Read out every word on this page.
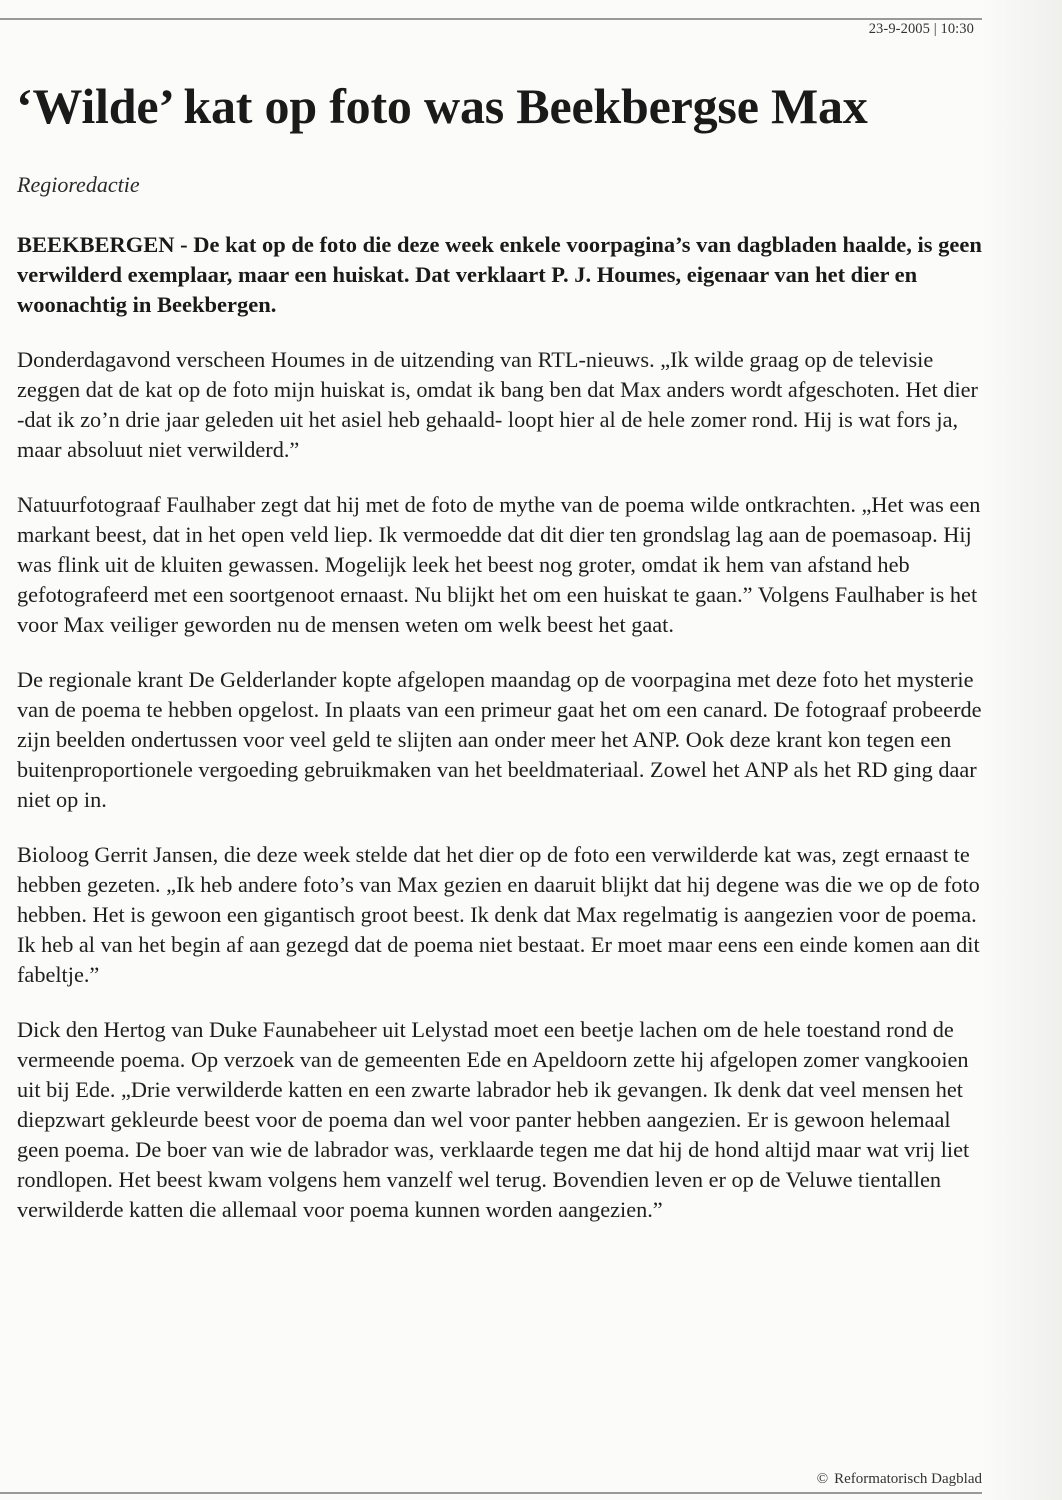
23-9-2005 | 10:30
‘Wilde’ kat op foto was Beekbergse Max
Regioredactie

BEEKBERGEN - De kat op de foto die deze week enkele voorpagina’s van dagbladen haalde, is geen verwilderd exemplaar, maar een huiskat. Dat verklaart P. J. Houmes, eigenaar van het dier en woonachtig in Beekbergen.

Donderdagavond verscheen Houmes in de uitzending van RTL-nieuws. „Ik wilde graag op de televisie zeggen dat de kat op de foto mijn huiskat is, omdat ik bang ben dat Max anders wordt afgeschoten. Het dier -dat ik zo’n drie jaar geleden uit het asiel heb gehaald- loopt hier al de hele zomer rond. Hij is wat fors ja, maar absoluut niet verwilderd.”

Natuurfotograaf Faulhaber zegt dat hij met de foto de mythe van de poema wilde ontkrachten. „Het was een markant beest, dat in het open veld liep. Ik vermoedde dat dit dier ten grondslag lag aan de poemasoap. Hij was flink uit de kluiten gewassen. Mogelijk leek het beest nog groter, omdat ik hem van afstand heb gefotografeerd met een soortgenoot ernaast. Nu blijkt het om een huiskat te gaan.” Volgens Faulhaber is het voor Max veiliger geworden nu de mensen weten om welk beest het gaat.

De regionale krant De Gelderlander kopte afgelopen maandag op de voorpagina met deze foto het mysterie van de poema te hebben opgelost. In plaats van een primeur gaat het om een canard. De fotograaf probeerde zijn beelden ondertussen voor veel geld te slijten aan onder meer het ANP. Ook deze krant kon tegen een buitenproportionele vergoeding gebruikmaken van het beeldmateriaal. Zowel het ANP als het RD ging daar niet op in.

Bioloog Gerrit Jansen, die deze week stelde dat het dier op de foto een verwilderde kat was, zegt ernaast te hebben gezeten. „Ik heb andere foto’s van Max gezien en daaruit blijkt dat hij degene was die we op de foto hebben. Het is gewoon een gigantisch groot beest. Ik denk dat Max regelmatig is aangezien voor de poema. Ik heb al van het begin af aan gezegd dat de poema niet bestaat. Er moet maar eens een einde komen aan dit fabeltje.”

Dick den Hertog van Duke Faunabeheer uit Lelystad moet een beetje lachen om de hele toestand rond de vermeende poema. Op verzoek van de gemeenten Ede en Apeldoorn zette hij afgelopen zomer vangkooien uit bij Ede. „Drie verwilderde katten en een zwarte labrador heb ik gevangen. Ik denk dat veel mensen het diepzwart gekleurde beest voor de poema dan wel voor panter hebben aangezien. Er is gewoon helemaal geen poema. De boer van wie de labrador was, verklaarde tegen me dat hij de hond altijd maar wat vrij liet rondlopen. Het beest kwam volgens hem vanzelf wel terug. Bovendien leven er op de Veluwe tientallen verwilderde katten die allemaal voor poema kunnen worden aangezien.”

© Reformatorisch Dagblad
